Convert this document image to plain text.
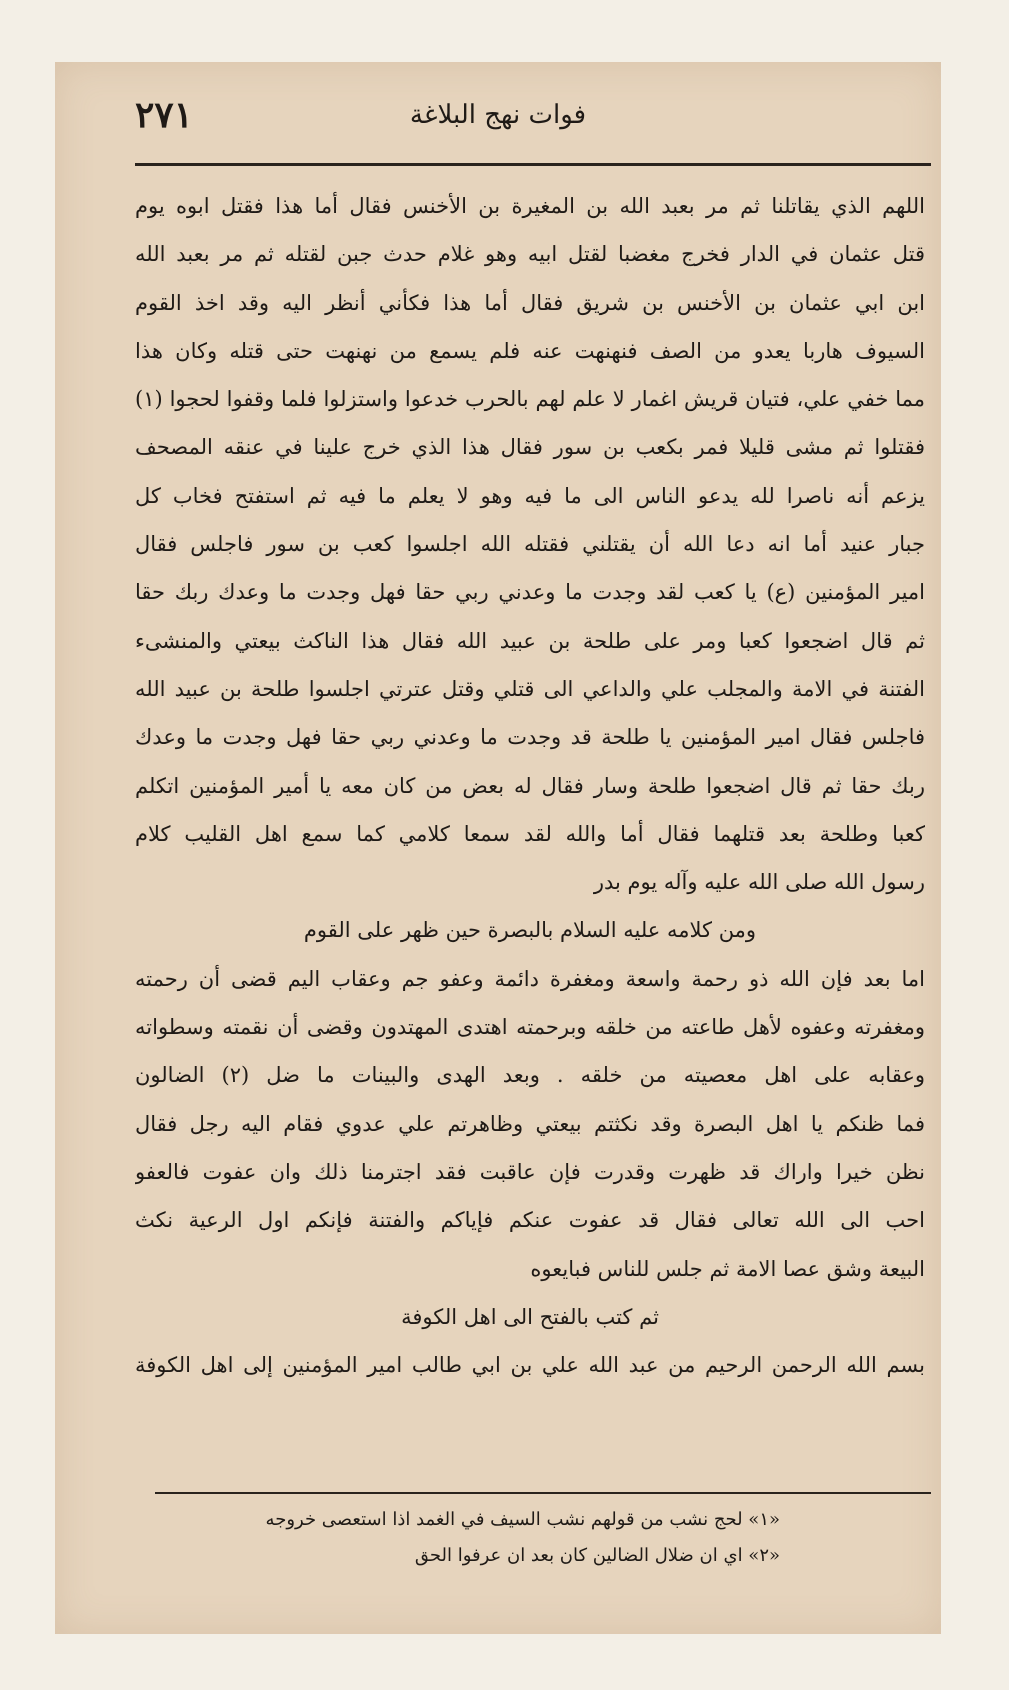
فوات نهج البلاغة
٢٧١
اللهم الذي يقاتلنا ثم مر بعبد الله بن المغيرة بن الأخنس فقال أما هذا فقتل ابوه يوم
قتل عثمان في الدار فخرج مغضبا لقتل ابيه وهو غلام حدث جبن لقتله ثم مر بعبد الله
ابن ابي عثمان بن الأخنس بن شريق فقال أما هذا فكأني أنظر اليه وقد اخذ القوم
السيوف هاربا يعدو من الصف فنهنهت عنه فلم يسمع من نهنهت حتى قتله وكان هذا
مما خفي علي، فتيان قريش اغمار لا علم لهم بالحرب خدعوا واستزلوا فلما وقفوا لحجوا (١)
فقتلوا ثم مشى قليلا فمر بكعب بن سور فقال هذا الذي خرج علينا في عنقه المصحف
يزعم أنه ناصرا لله يدعو الناس الى ما فيه وهو لا يعلم ما فيه ثم استفتح فخاب كل
جبار عنيد أما انه دعا الله أن يقتلني فقتله الله اجلسوا كعب بن سور فاجلس فقال
امير المؤمنين (ع) يا كعب لقد وجدت ما وعدني ربي حقا فهل وجدت ما وعدك ربك حقا
ثم قال اضجعوا كعبا ومر على طلحة بن عبيد الله فقال هذا الناكث بيعتي والمنشىء
الفتنة في الامة والمجلب علي والداعي الى قتلي وقتل عترتي اجلسوا طلحة بن عبيد الله
فاجلس فقال امير المؤمنين يا طلحة قد وجدت ما وعدني ربي حقا فهل وجدت ما وعدك
ربك حقا ثم قال اضجعوا طلحة وسار فقال له بعض من كان معه يا أمير المؤمنين اتكلم
كعبا وطلحة بعد قتلهما فقال أما والله لقد سمعا كلامي كما سمع اهل القليب كلام
رسول الله صلى الله عليه وآله يوم بدر
ومن كلامه عليه السلام بالبصرة حين ظهر على القوم
اما بعد فإن الله ذو رحمة واسعة ومغفرة دائمة وعفو جم وعقاب اليم قضى أن رحمته
ومغفرته وعفوه لأهل طاعته من خلقه وبرحمته اهتدى المهتدون وقضى أن نقمته وسطواته
وعقابه على اهل معصيته من خلقه . وبعد الهدى والبينات ما ضل (٢) الضالون
فما ظنكم يا اهل البصرة وقد نكثتم بيعتي وظاهرتم علي عدوي فقام اليه رجل فقال
نظن خيرا واراك قد ظهرت وقدرت فإن عاقبت فقد اجترمنا ذلك وان عفوت فالعفو
احب الى الله تعالى فقال قد عفوت عنكم فإياكم والفتنة فإنكم اول الرعية نكث
البيعة وشق عصا الامة ثم جلس للناس فبايعوه
ثم كتب بالفتح الى اهل الكوفة
بسم الله الرحمن الرحيم من عبد الله علي بن ابي طالب امير المؤمنين إلى اهل الكوفة
«١» لحج نشب من قولهم نشب السيف في الغمد اذا استعصى خروجه
«٢» اي ان ضلال الضالين كان بعد ان عرفوا الحق
